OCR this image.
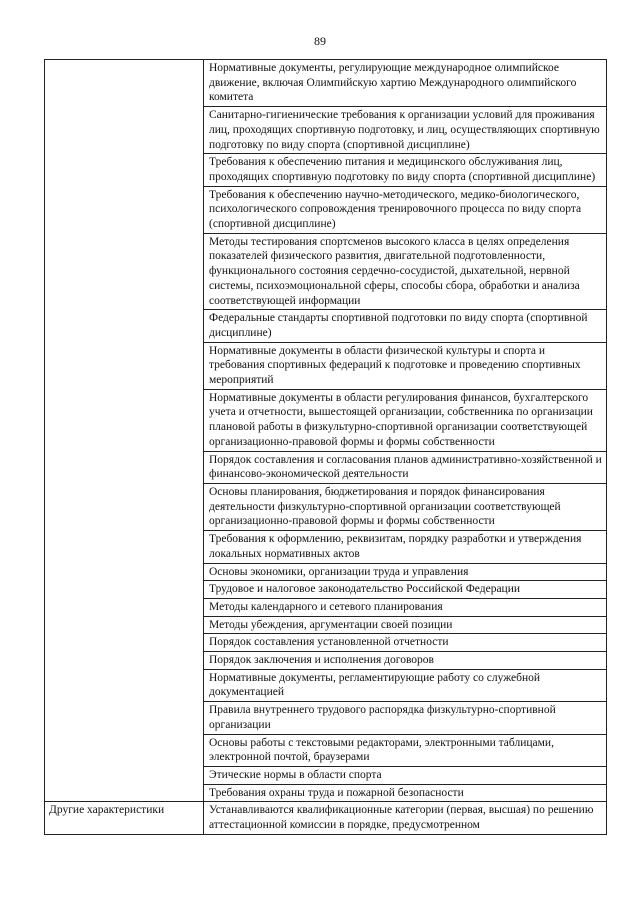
89
	Нормативные документы, регулирующие международное олимпийское движение, включая Олимпийскую хартию Международного олимпийского комитета
	Санитарно-гигиенические требования к организации условий для проживания лиц, проходящих спортивную подготовку, и лиц, осуществляющих спортивную подготовку по виду спорта (спортивной дисциплине)
	Требования к обеспечению питания и медицинского обслуживания лиц, проходящих спортивную подготовку по виду спорта (спортивной дисциплине)
	Требования к обеспечению научно-методического, медико-биологического, психологического сопровождения тренировочного процесса по виду спорта (спортивной дисциплине)
	Методы тестирования спортсменов высокого класса в целях определения показателей физического развития, двигательной подготовленности, функционального состояния сердечно-сосудистой, дыхательной, нервной системы, психоэмоциональной сферы, способы сбора, обработки и анализа соответствующей информации
	Федеральные стандарты спортивной подготовки по виду спорта (спортивной дисциплине)
	Нормативные документы в области физической культуры и спорта и требования спортивных федераций к подготовке и проведению спортивных мероприятий
	Нормативные документы в области регулирования финансов, бухгалтерского учета и отчетности, вышестоящей организации, собственника по организации плановой работы в физкультурно-спортивной организации соответствующей организационно-правовой формы и формы собственности
	Порядок составления и согласования планов административно-хозяйственной и финансово-экономической деятельности
	Основы планирования, бюджетирования и порядок финансирования деятельности физкультурно-спортивной организации соответствующей организационно-правовой формы и формы собственности
	Требования к оформлению, реквизитам, порядку разработки и утверждения локальных нормативных актов
	Основы экономики, организации труда и управления
	Трудовое и налоговое законодательство Российской Федерации
	Методы календарного и сетевого планирования
	Методы убеждения, аргументации своей позиции
	Порядок составления установленной отчетности
	Порядок заключения и исполнения договоров
	Нормативные документы, регламентирующие работу со служебной документацией
	Правила внутреннего трудового распорядка физкультурно-спортивной организации
	Основы работы с текстовыми редакторами, электронными таблицами, электронной почтой, браузерами
	Этические нормы в области спорта
	Требования охраны труда и пожарной безопасности
Другие характеристики	Устанавливаются квалификационные категории (первая, высшая) по решению аттестационной комиссии в порядке, предусмотренном
